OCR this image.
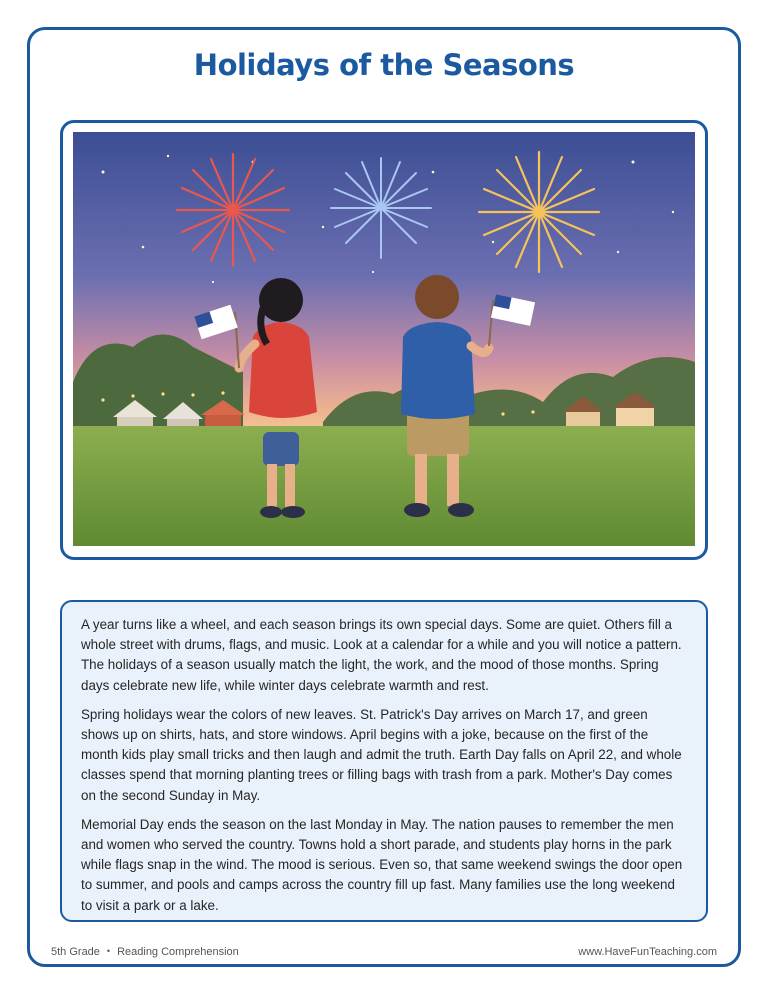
Holidays of the Seasons

A year turns like a wheel, and each season brings its own special days. Some are quiet. Others fill a whole street with drums, flags, and music. Look at a calendar for a while and you will notice a pattern. The holidays of a season usually match the light, the work, and the mood of those months. Spring days celebrate new life, while winter days celebrate warmth and rest.

Spring holidays wear the colors of new leaves. St. Patrick's Day arrives on March 17, and green shows up on shirts, hats, and store windows. April begins with a joke, because on the first of the month kids play small tricks and then laugh and admit the truth. Earth Day falls on April 22, and whole classes spend that morning planting trees or filling bags with trash from a park. Mother's Day comes on the second Sunday in May.

Memorial Day ends the season on the last Monday in May. The nation pauses to remember the men and women who served the country. Towns hold a short parade, and students play horns in the park while flags snap in the wind. The mood is serious. Even so, that same weekend swings the door open to summer, and pools and camps across the country fill up fast. Many families use the long weekend to visit a park or a lake.

5th Grade • Reading Comprehension	www.HaveFunTeaching.com
